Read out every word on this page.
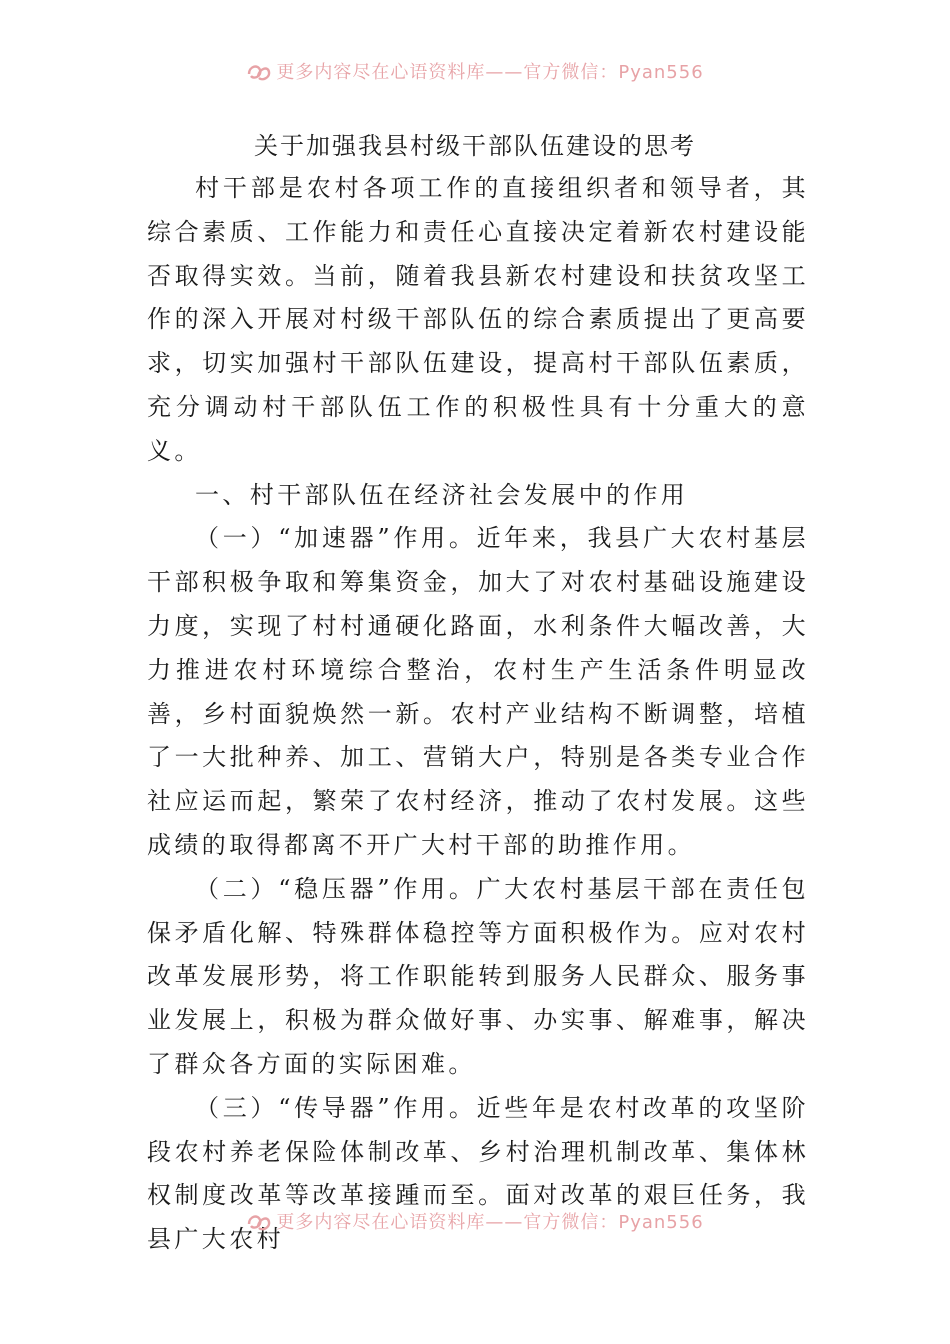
更多内容尽在心语资料库——官方微信：Pyan556
关于加强我县村级干部队伍建设的思考

村干部是农村各项工作的直接组织者和领导者，其综合素质、工作能力和责任心直接决定着新农村建设能否取得实效。当前，随着我县新农村建设和扶贫攻坚工作的深入开展对村级干部队伍的综合素质提出了更高要求，切实加强村干部队伍建设，提高村干部队伍素质，充分调动村干部队伍工作的积极性具有十分重大的意义。

一、村干部队伍在经济社会发展中的作用

（一）“加速器”作用。近年来，我县广大农村基层干部积极争取和筹集资金，加大了对农村基础设施建设力度，实现了村村通硬化路面，水利条件大幅改善，大力推进农村环境综合整治，农村生产生活条件明显改善，乡村面貌焕然一新。农村产业结构不断调整，培植了一大批种养、加工、营销大户，特别是各类专业合作社应运而起，繁荣了农村经济，推动了农村发展。这些成绩的取得都离不开广大村干部的助推作用。

（二）“稳压器”作用。广大农村基层干部在责任包保矛盾化解、特殊群体稳控等方面积极作为。应对农村改革发展形势，将工作职能转到服务人民群众、服务事业发展上，积极为群众做好事、办实事、解难事，解决了群众各方面的实际困难。

（三）“传导器”作用。近些年是农村改革的攻坚阶段农村养老保险体制改革、乡村治理机制改革、集体林权制度改革等改革接踵而至。面对改革的艰巨任务，我县广大农村

更多内容尽在心语资料库——官方微信：Pyan556
